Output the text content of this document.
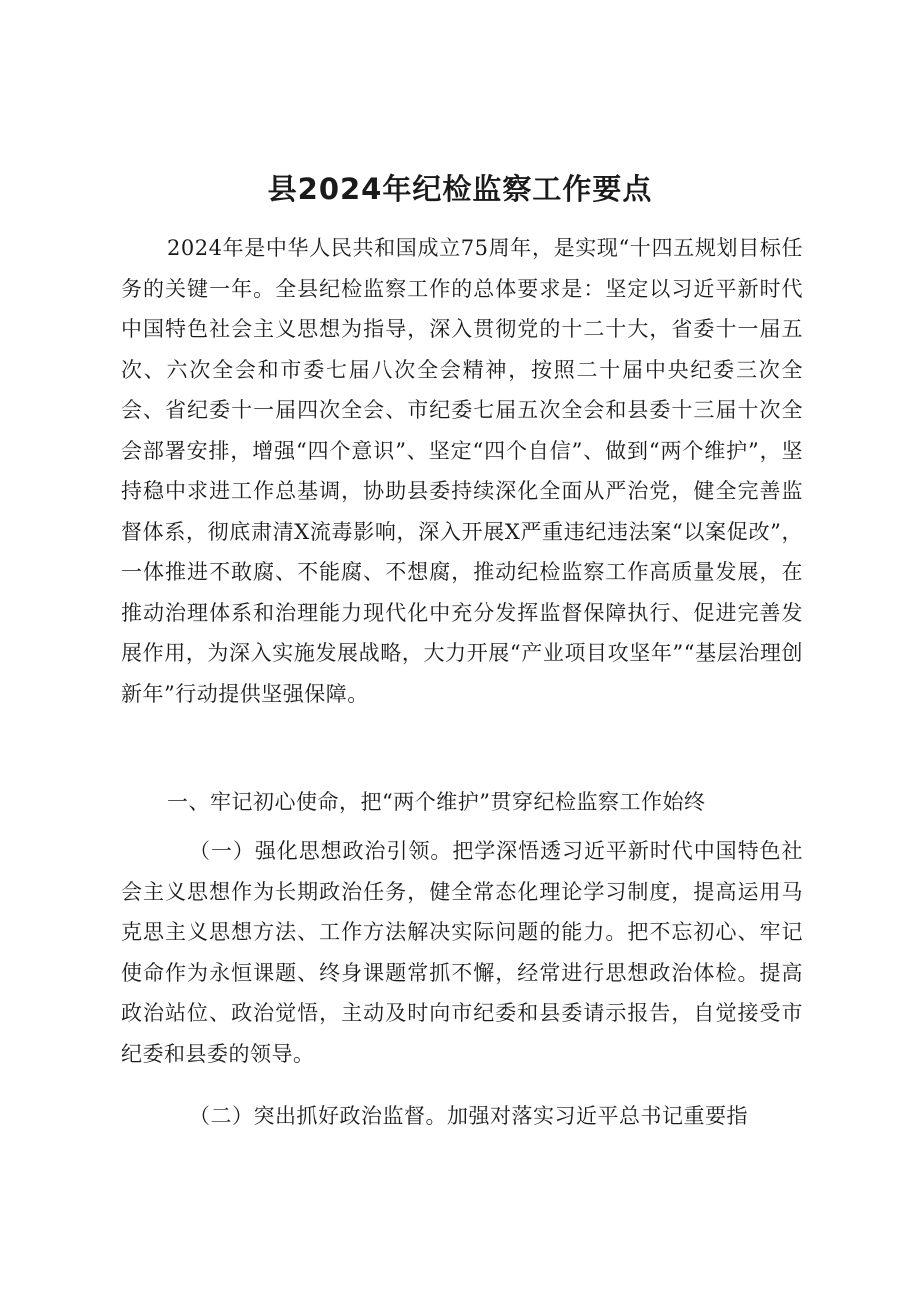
县2024年纪检监察工作要点

2024年是中华人民共和国成立75周年，是实现“十四五规划目标任务的关键一年。全县纪检监察工作的总体要求是：坚定以习近平新时代中国特色社会主义思想为指导，深入贯彻党的十二十大，省委十一届五次、六次全会和市委七届八次全会精神，按照二十届中央纪委三次全会、省纪委十一届四次全会、市纪委七届五次全会和县委十三届十次全会部署安排，增强“四个意识”、坚定“四个自信”、做到“两个维护”，坚持稳中求进工作总基调，协助县委持续深化全面从严治党，健全完善监督体系，彻底肃清X流毒影响，深入开展X严重违纪违法案“以案促改”，一体推进不敢腐、不能腐、不想腐，推动纪检监察工作高质量发展，在推动治理体系和治理能力现代化中充分发挥监督保障执行、促进完善发展作用，为深入实施发展战略，大力开展“产业项目攻坚年”“基层治理创新年”行动提供坚强保障。

一、牢记初心使命，把“两个维护”贯穿纪检监察工作始终

（一）强化思想政治引领。把学深悟透习近平新时代中国特色社会主义思想作为长期政治任务，健全常态化理论学习制度，提高运用马克思主义思想方法、工作方法解决实际问题的能力。把不忘初心、牢记使命作为永恒课题、终身课题常抓不懈，经常进行思想政治体检。提高政治站位、政治觉悟，主动及时向市纪委和县委请示报告，自觉接受市纪委和县委的领导。

（二）突出抓好政治监督。加强对落实习近平总书记重要指
